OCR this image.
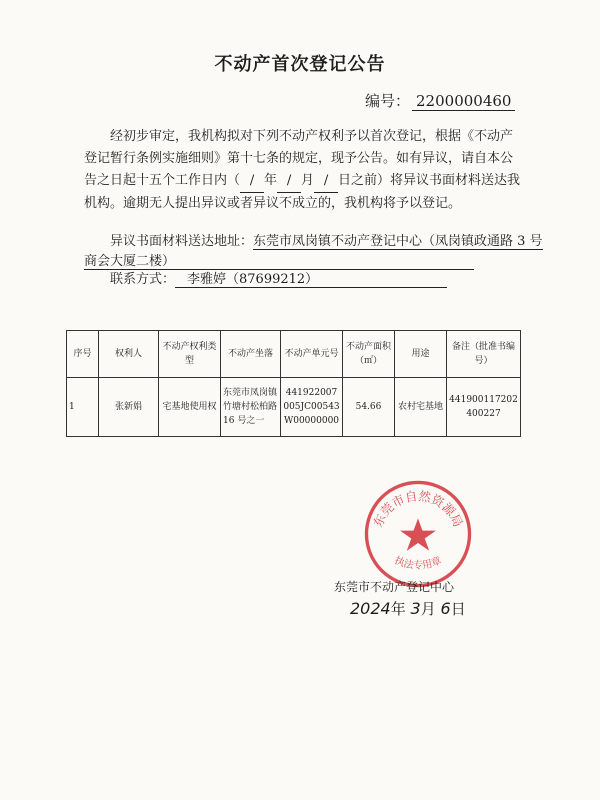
不动产首次登记公告
编号： 2200000460
经初步审定，我机构拟对下列不动产权利予以首次登记，根据《不动产登记暂行条例实施细则》第十七条的规定，现予公告。如有异议，请自本公告之日起十五个工作日内（ / 年 / 月 / 日之前）将异议书面材料送达我机构。逾期无人提出异议或者异议不成立的，我机构将予以登记。
异议书面材料送达地址：东莞市凤岗镇不动产登记中心（凤岗镇政通路 3 号
商会大厦二楼）
联系方式： 李雅婷（87699212）
序号	权利人	不动产权利类型	不动产坐落	不动产单元号	不动产面积（㎡）	用途	备注（批准书编号）
1	张新娟	宅基地使用权	东莞市凤岗镇竹塘村松柏路 16 号之一	441922007005JC00543W00000000	54.66	农村宅基地	441900117202400227
东莞市自然资源局
执法专用章
东莞市不动产登记中心
2024年 3月 6日
